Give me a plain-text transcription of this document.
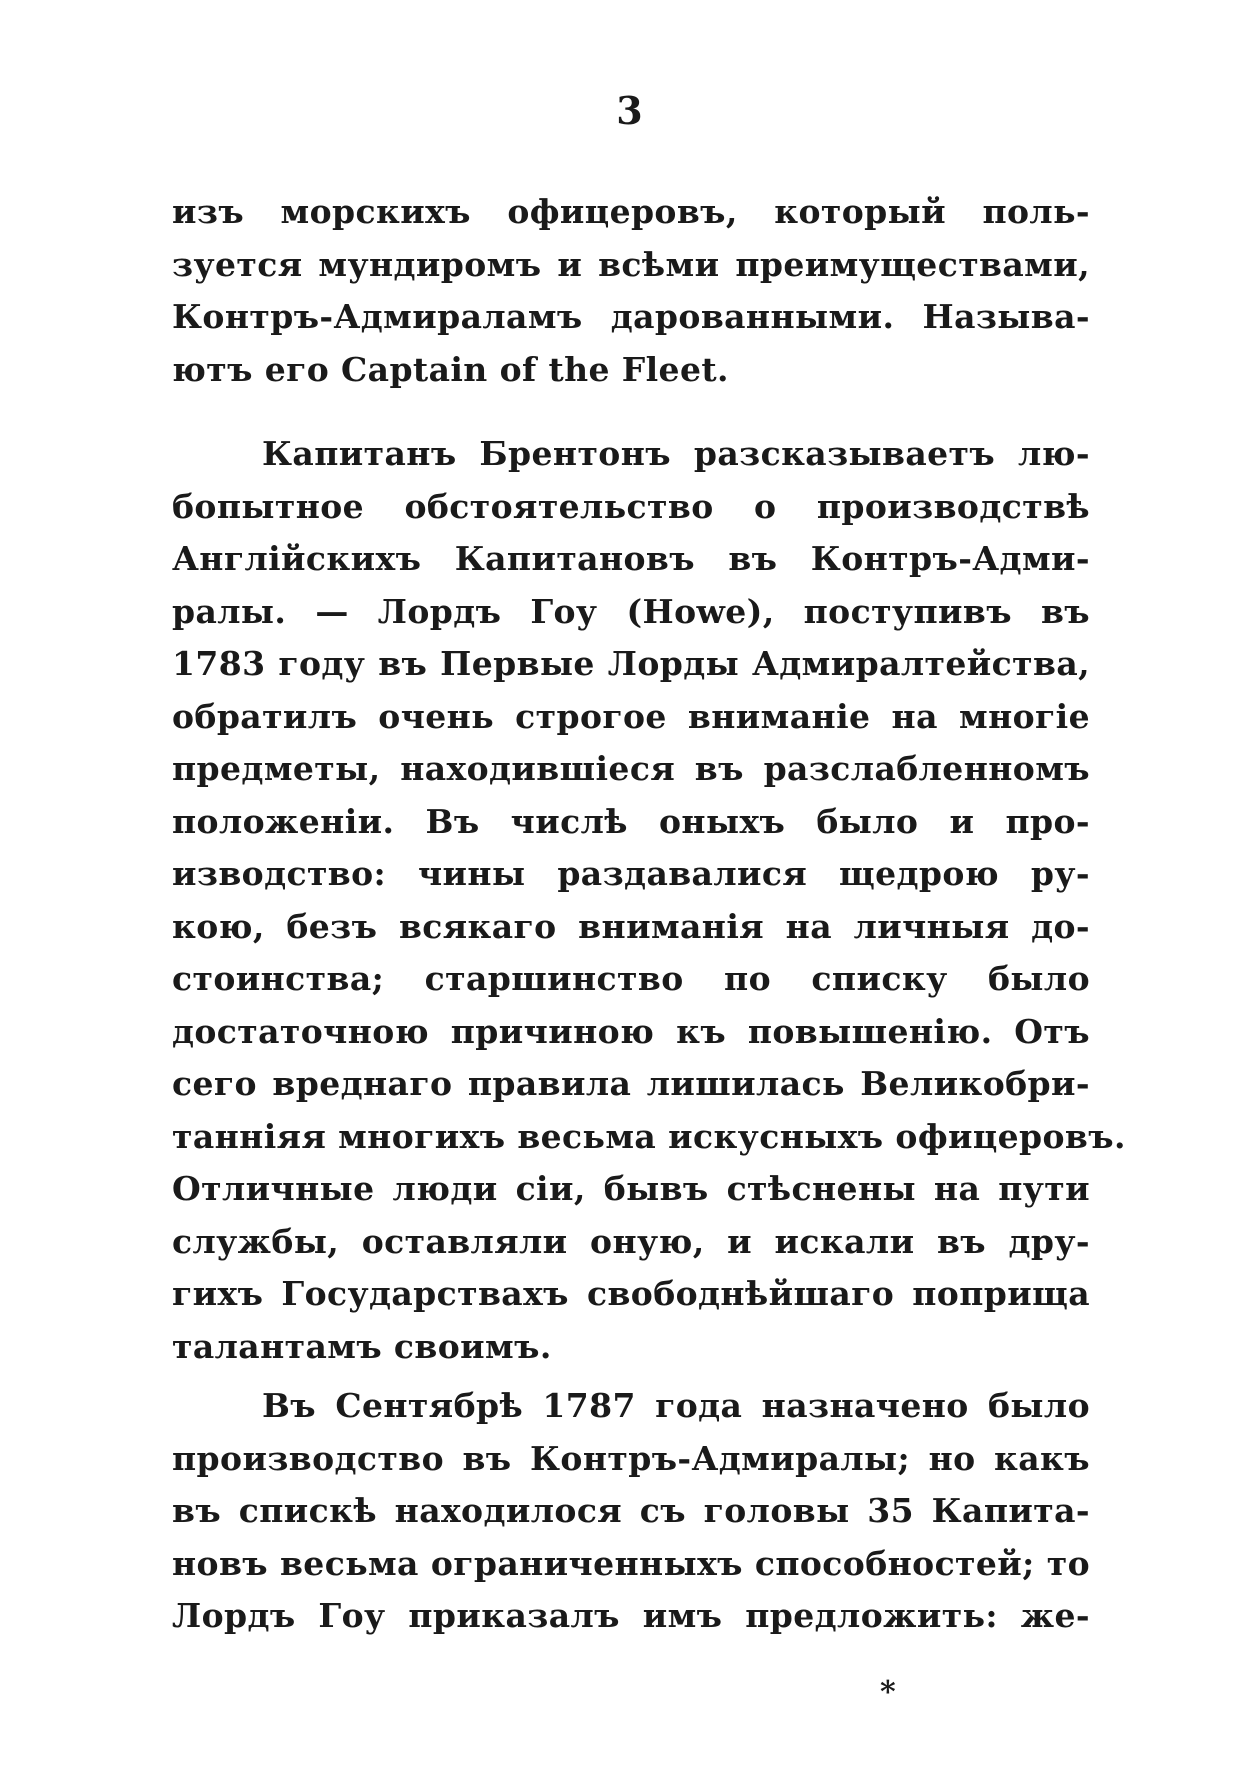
3
изъ морскихъ офицеровъ, который поль-
зуется мундиромъ и всѣми преимуществами,
Контръ-Адмираламъ дарованными. Называ-
ютъ его Captain of the Fleet.
Капитанъ Брентонъ разсказываетъ лю-
бопытное обстоятельство о производствѣ
Англійскихъ Капитановъ въ Контръ-Адми-
ралы. — Лордъ Гоу (Howe), поступивъ въ
1783 году въ Первые Лорды Адмиралтейства,
обратилъ очень строгое вниманіе на многіе
предметы, находившіеся въ разслабленномъ
положеніи. Въ числѣ оныхъ было и про-
изводство: чины раздавалися щедрою ру-
кою, безъ всякаго вниманія на личныя до-
стоинства; старшинство по списку было
достаточною причиною къ повышенію. Отъ
сего вреднаго правила лишилась Великобри-
танніяя многихъ весьма искусныхъ офицеровъ.
Отличные люди сіи, бывъ стѣснены на пути
службы, оставляли оную, и искали въ дру-
гихъ Государствахъ свободнѣйшаго поприща
талантамъ своимъ.
Въ Сентябрѣ 1787 года назначено было
производство въ Контръ-Адмиралы; но какъ
въ спискѣ находилося съ головы 35 Капита-
новъ весьма ограниченныхъ способностей; то
Лордъ Гоу приказалъ имъ предложить: же-
*
